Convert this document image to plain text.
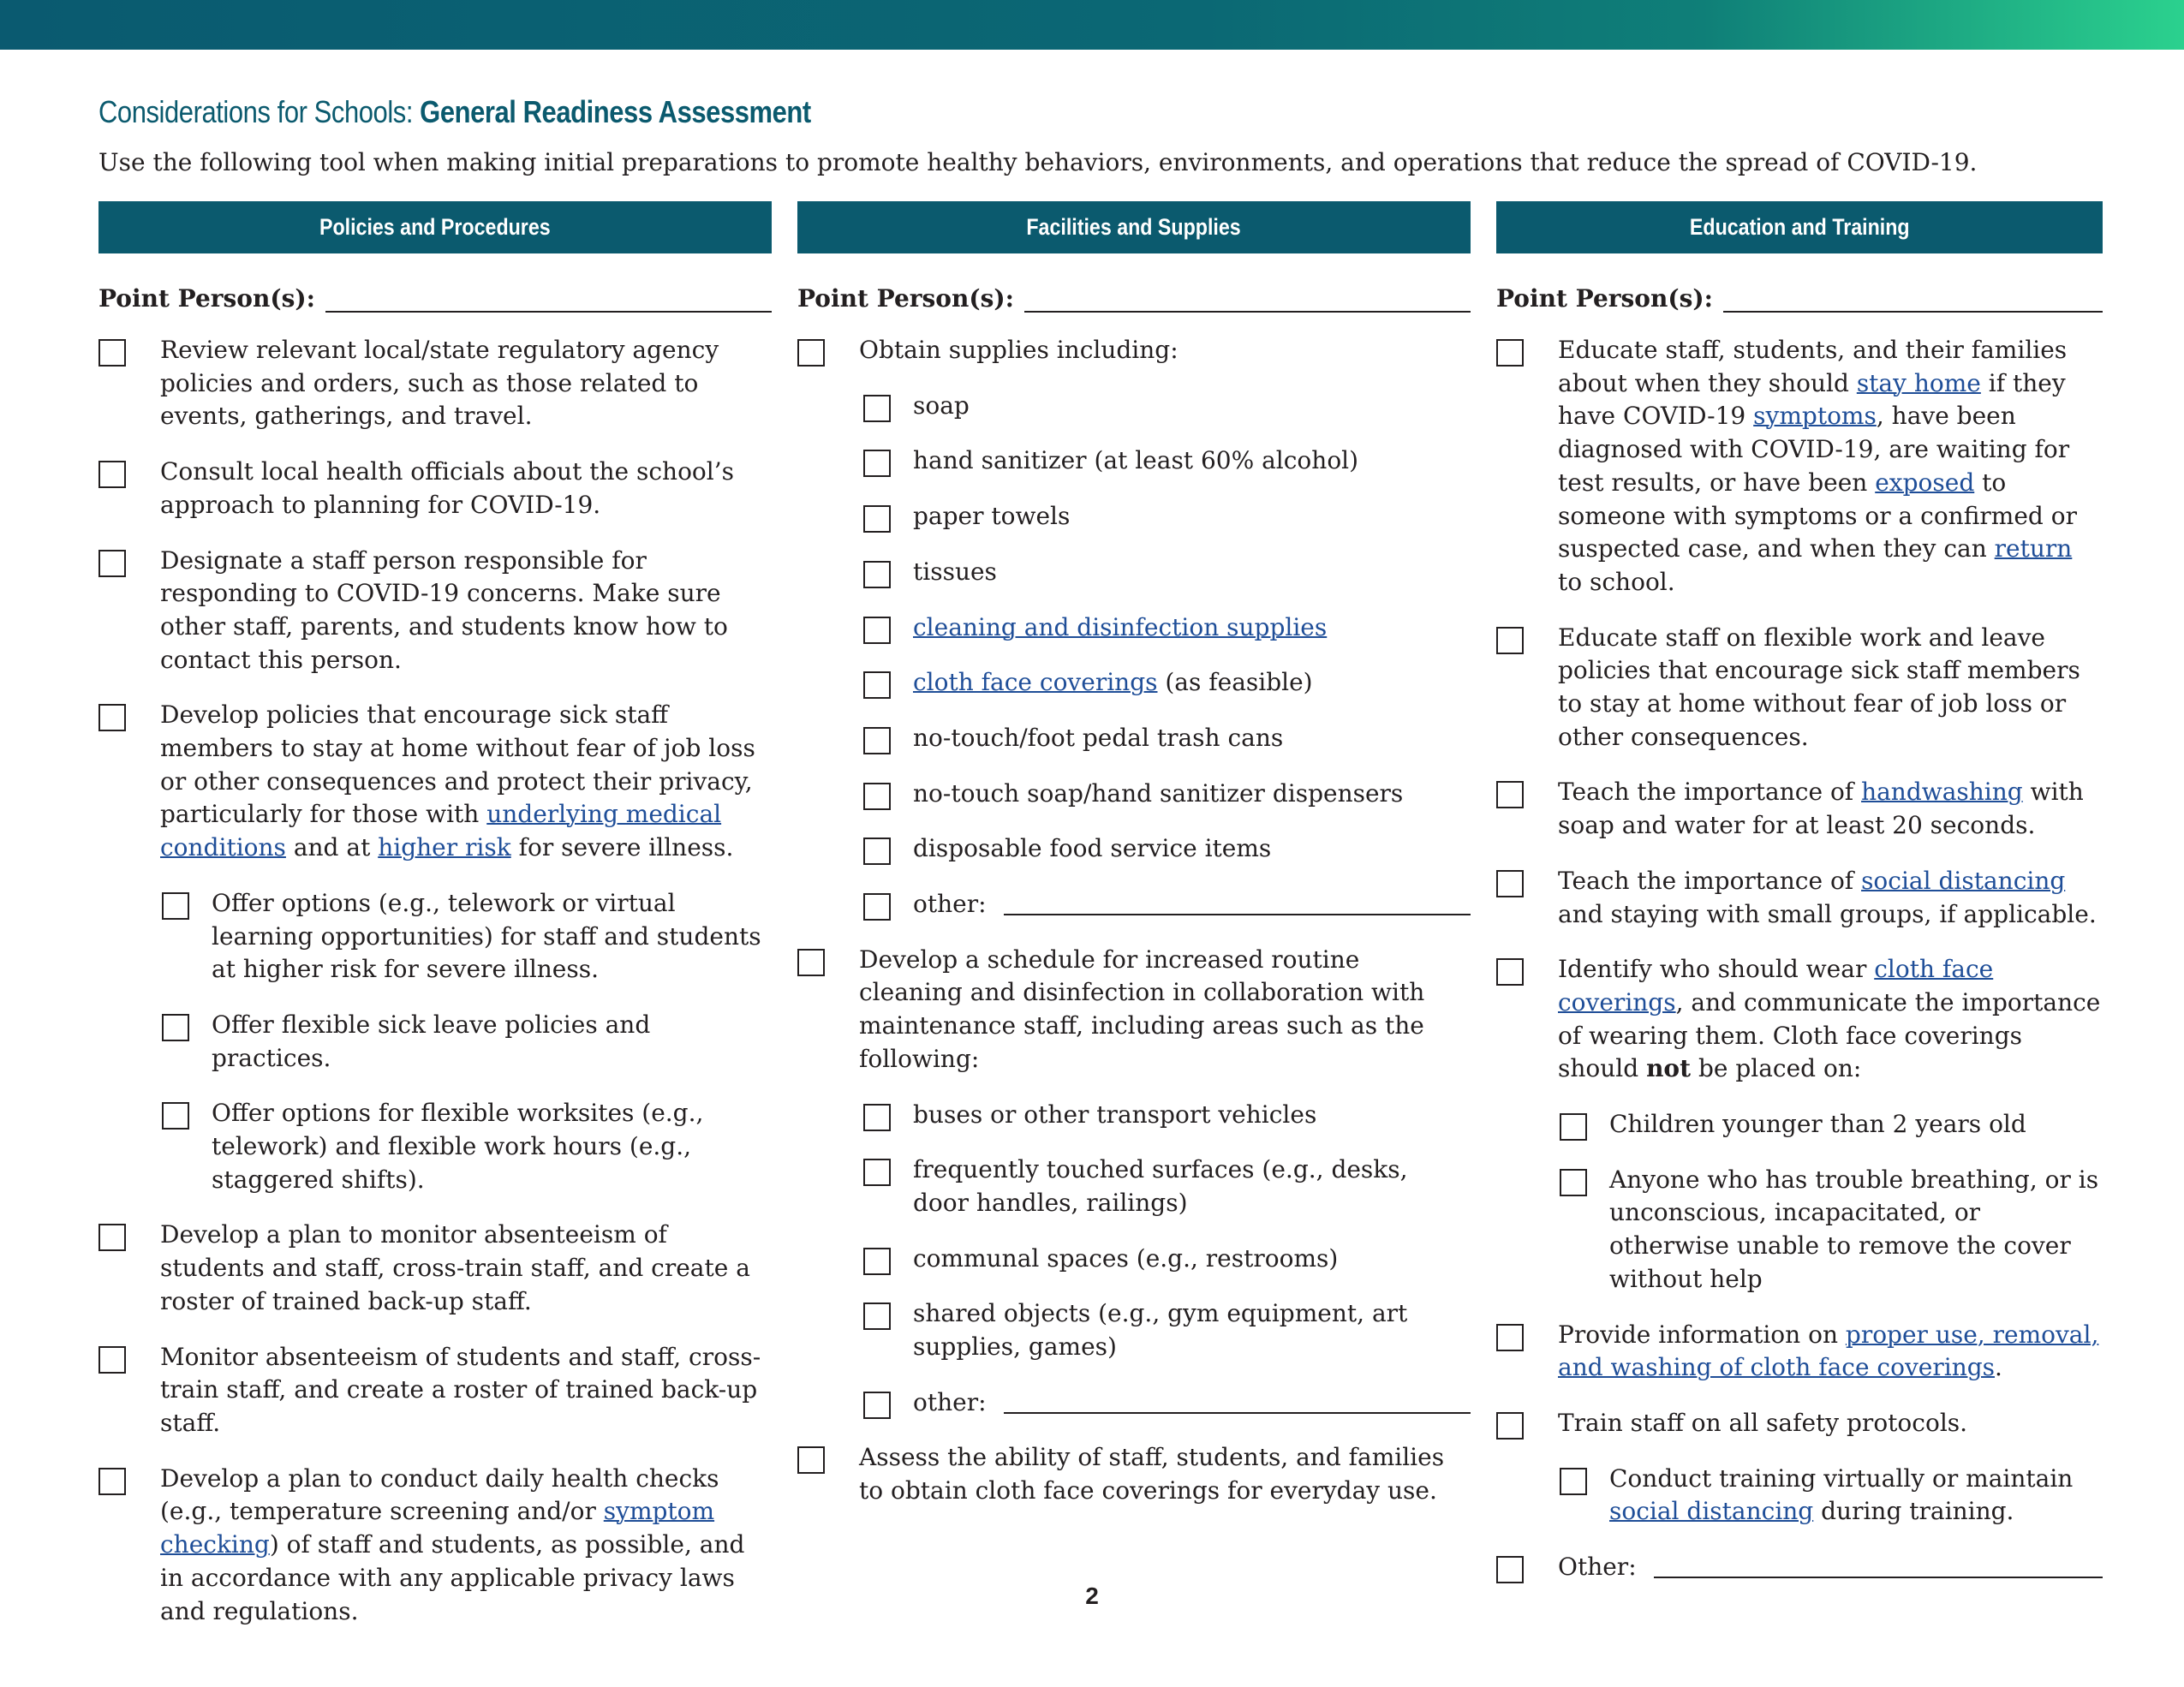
Considerations for Schools: General Readiness Assessment
Use the following tool when making initial preparations to promote healthy behaviors, environments, and operations that reduce the spread of COVID-19.
Policies and Procedures
Point Person(s):
Review relevant local/state regulatory agency policies and orders, such as those related to events, gatherings, and travel.
Consult local health officials about the school’s approach to planning for COVID-19.
Designate a staff person responsible for responding to COVID-19 concerns. Make sure other staff, parents, and students know how to contact this person.
Develop policies that encourage sick staff members to stay at home without fear of job loss or other consequences and protect their privacy, particularly for those with underlying medical conditions and at higher risk for severe illness.
Offer options (e.g., telework or virtual learning opportunities) for staff and students at higher risk for severe illness.
Offer flexible sick leave policies and practices.
Offer options for flexible worksites (e.g., telework) and flexible work hours (e.g., staggered shifts).
Develop a plan to monitor absenteeism of students and staff, cross-train staff, and create a roster of trained back-up staff.
Monitor absenteeism of students and staff, cross-train staff, and create a roster of trained back-up staff.
Develop a plan to conduct daily health checks (e.g., temperature screening and/or symptom checking) of staff and students, as possible, and in accordance with any applicable privacy laws and regulations.
Facilities and Supplies
Point Person(s):
Obtain supplies including:
soap
hand sanitizer (at least 60% alcohol)
paper towels
tissues
cleaning and disinfection supplies
cloth face coverings (as feasible)
no-touch/foot pedal trash cans
no-touch soap/hand sanitizer dispensers
disposable food service items
other:
Develop a schedule for increased routine cleaning and disinfection in collaboration with maintenance staff, including areas such as the following:
buses or other transport vehicles
frequently touched surfaces (e.g., desks, door handles, railings)
communal spaces (e.g., restrooms)
shared objects (e.g., gym equipment, art supplies, games)
other:
Assess the ability of staff, students, and families to obtain cloth face coverings for everyday use.
Education and Training
Point Person(s):
Educate staff, students, and their families about when they should stay home if they have COVID-19 symptoms, have been diagnosed with COVID-19, are waiting for test results, or have been exposed to someone with symptoms or a confirmed or suspected case, and when they can return to school.
Educate staff on flexible work and leave policies that encourage sick staff members to stay at home without fear of job loss or other consequences.
Teach the importance of handwashing with soap and water for at least 20 seconds.
Teach the importance of social distancing and staying with small groups, if applicable.
Identify who should wear cloth face coverings, and communicate the importance of wearing them. Cloth face coverings should not be placed on:
Children younger than 2 years old
Anyone who has trouble breathing, or is unconscious, incapacitated, or otherwise unable to remove the cover without help
Provide information on proper use, removal, and washing of cloth face coverings.
Train staff on all safety protocols.
Conduct training virtually or maintain social distancing during training.
Other:
2
